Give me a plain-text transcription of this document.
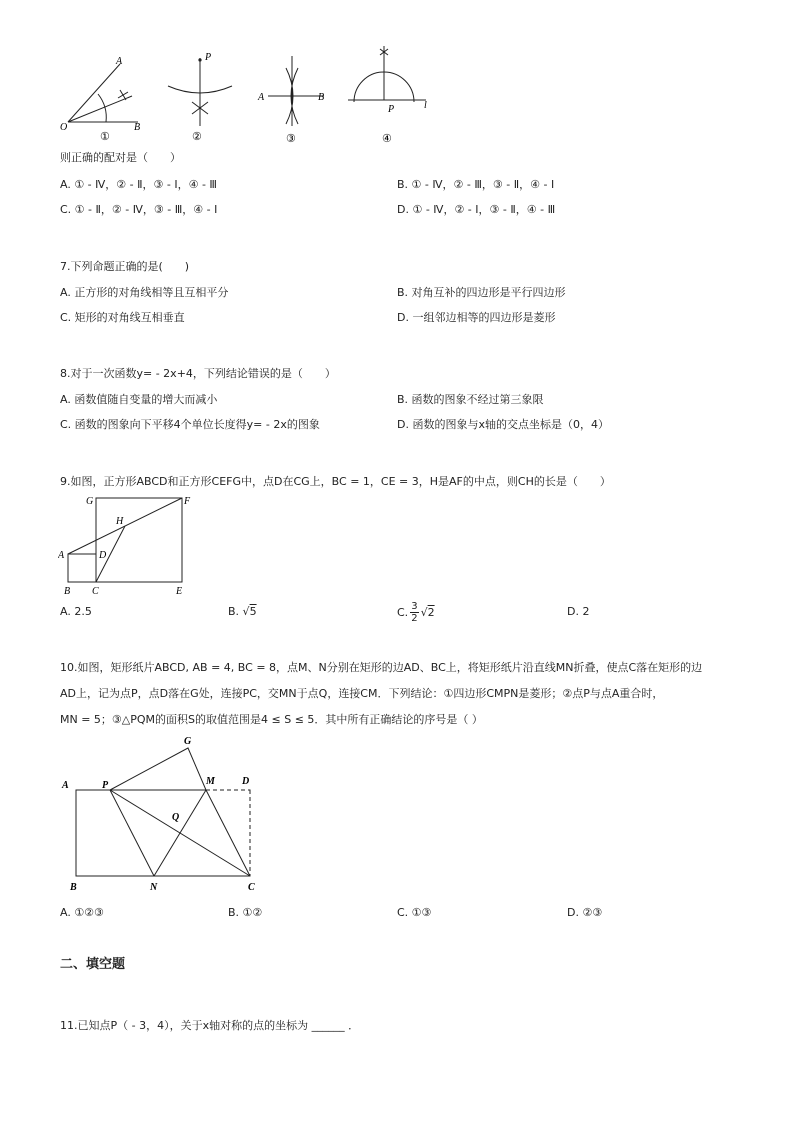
A
O	B
①
P
②
A	B
③
P	l
④
则正确的配对是（　　）
A. ① - Ⅳ，② - Ⅱ，③ - Ⅰ，④ - Ⅲ	B. ① - Ⅳ，② - Ⅲ，③ - Ⅱ，④ - Ⅰ
C. ① - Ⅱ，② - Ⅳ，③ - Ⅲ，④ - Ⅰ	D. ① - Ⅳ，② - Ⅰ，③ - Ⅱ，④ - Ⅲ
7.下列命题正确的是(　　)
A. 正方形的对角线相等且互相平分	B. 对角互补的四边形是平行四边形
C. 矩形的对角线互相垂直	D. 一组邻边相等的四边形是菱形
8.对于一次函数y= - 2x+4，下列结论错误的是（　　）
A. 函数值随自变量的增大而减小	B. 函数的图象不经过第三象限
C. 函数的图象向下平移4个单位长度得y= - 2x的图象	D. 函数的图象与x轴的交点坐标是（0，4）
9.如图，正方形ABCD和正方形CEFG中，点D在CG上，BC = 1，CE = 3，H是AF的中点，则CH的长是（　　）
G	F
H
A	D
B C	E
A. 2.5	B. √5	C. $\frac{3}{2}$ √ 2	D. 2
10.如图，矩形纸片ABCD, AB = 4, BC = 8，点M、N分别在矩形的边AD、BC上，将矩形纸片沿直线MN折叠，使点C落在矩形的边
AD上，记为点P，点D落在G处，连接PC，交MN于点Q，连接CM．下列结论：①四边形CMPN是菱形；②点P与点A重合时，
MN = 5；③△PQM的面积S的取值范围是4 ≤ S ≤ 5．其中所有正确结论的序号是（ ）
G
A	P	M	D
Q
B	N	C
A. ①②③	B. ①②	C. ①③	D. ②③
二、填空题
11.已知点P（ - 3，4），关于x轴对称的点的坐标为 ______ ．
